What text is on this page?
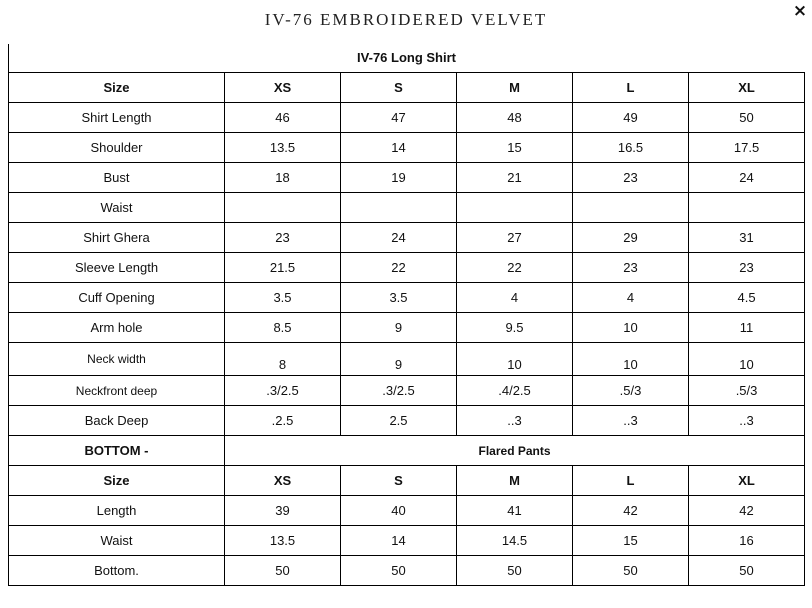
IV-76 EMBROIDERED VELVET	×
IV-76 Long Shirt					
Size	XS	S	M	L	XL
Shirt Length	46	47	48	49	50
Shoulder	13.5	14	15	16.5	17.5
Bust	18	19	21	23	24
Waist					
Shirt Ghera	23	24	27	29	31
Sleeve Length	21.5	22	22	23	23
Cuff Opening	3.5	3.5	4	4	4.5
Arm hole	8.5	9	9.5	10	11
Neck width	8	9	10	10	10
Neckfront deep	.3/2.5	.3/2.5	.4/2.5	.5/3	.5/3
Back Deep	.2.5	2.5	..3	..3	..3
BOTTOM -	Flared Pants				
Size	XS	S	M	L	XL
Length	39	40	41	42	42
Waist	13.5	14	14.5	15	16
Bottom.	50	50	50	50	50
